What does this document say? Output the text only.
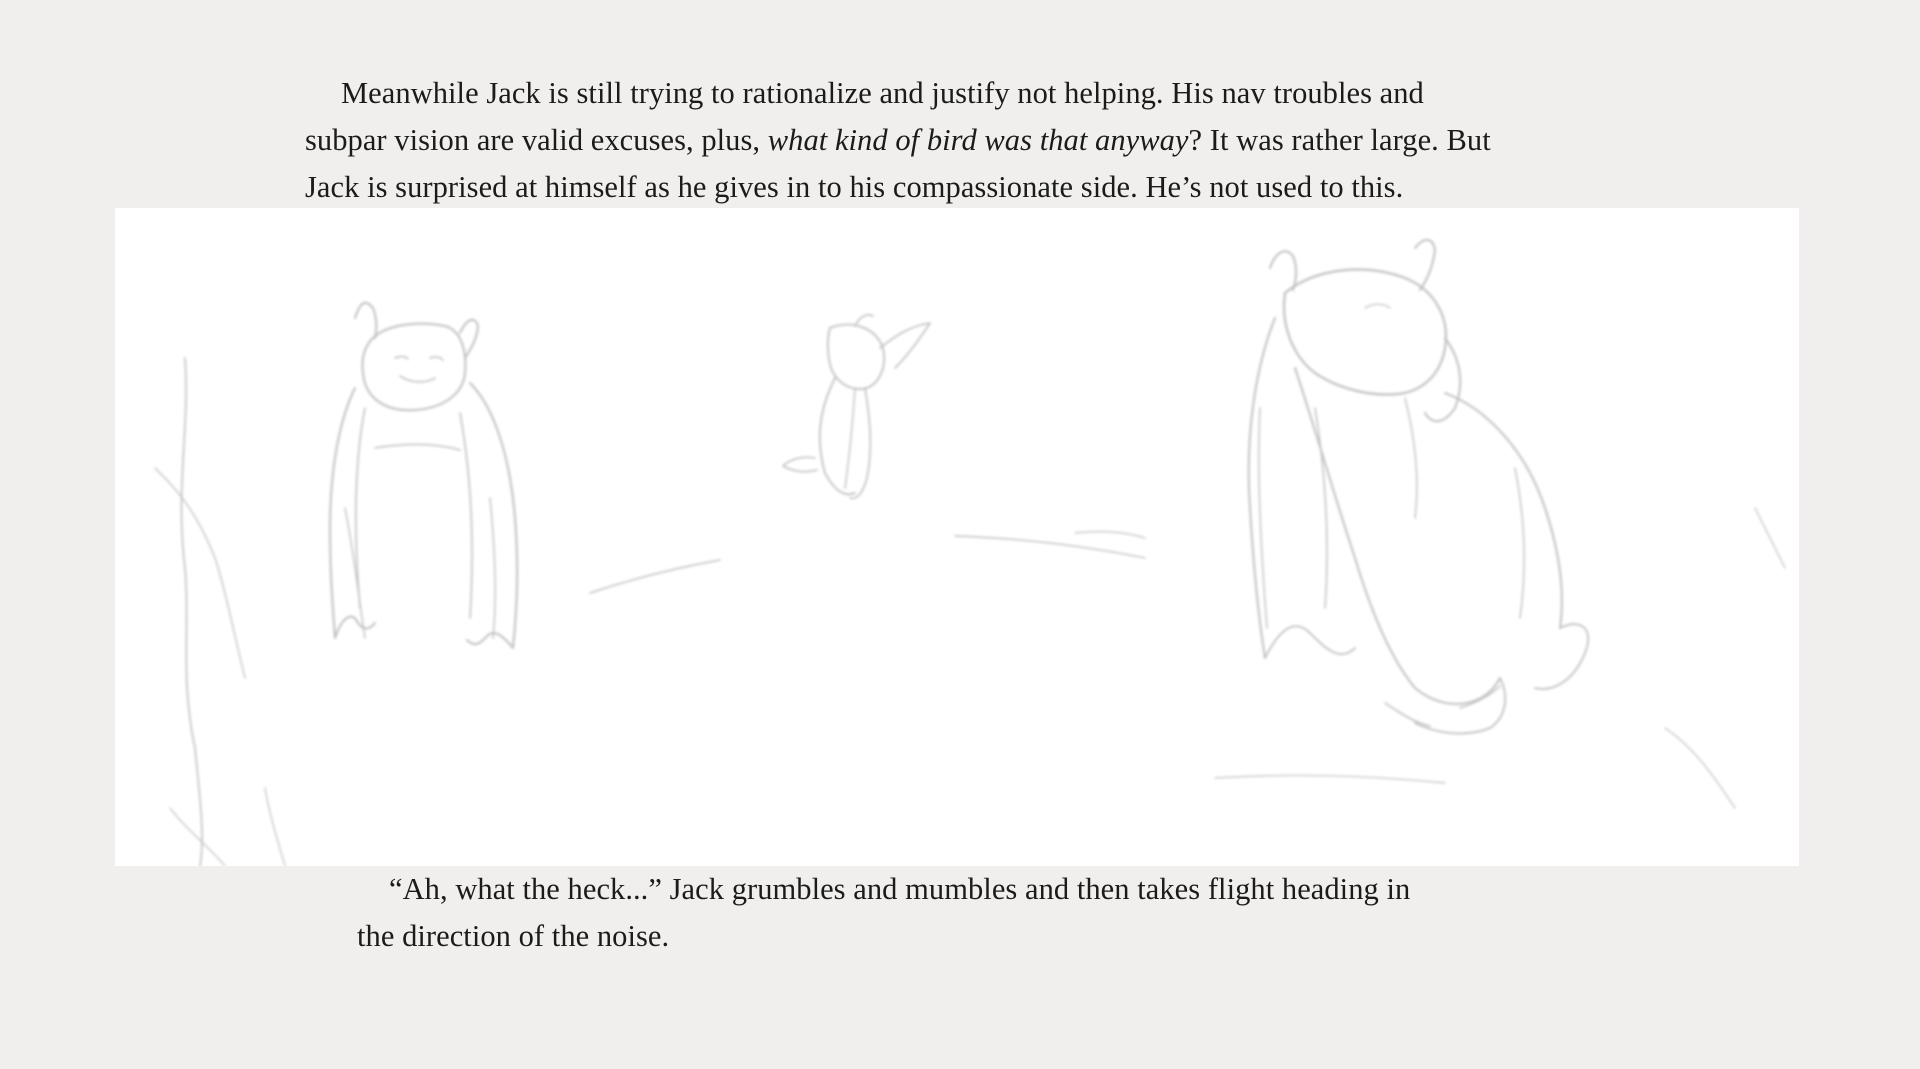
Meanwhile Jack is still trying to rationalize and justify not helping. His nav troubles and
subpar vision are valid excuses, plus, what kind of bird was that anyway? It was rather large. But
Jack is surprised at himself as he gives in to his compassionate side. He’s not used to this.

“Ah, what the heck...” Jack grumbles and mumbles and then takes flight heading in
the direction of the noise.
